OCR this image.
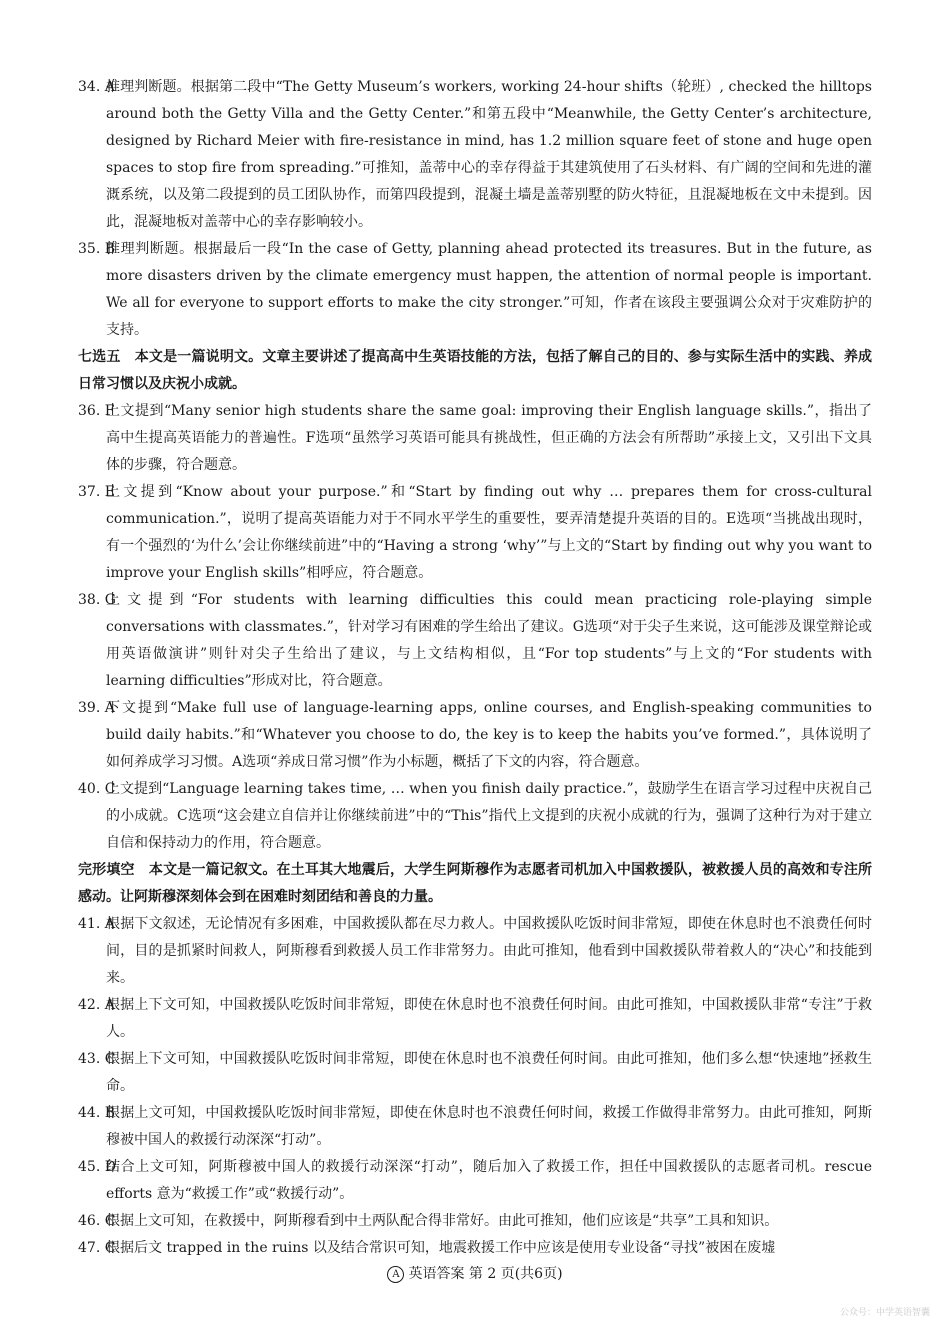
34. A
推理判断题。根据第二段中“The Getty Museum’s workers, working 24-hour shifts（轮班）, checked the hilltops around both the Getty Villa and the Getty Center.”和第五段中“Meanwhile, the Getty Center’s architecture, designed by Richard Meier with fire-resistance in mind, has 1.2 million square feet of stone and huge open spaces to stop fire from spreading.”可推知，盖蒂中心的幸存得益于其建筑使用了石头材料、有广阔的空间和先进的灌溉系统，以及第二段提到的员工团队协作，而第四段提到，混凝土墙是盖蒂别墅的防火特征，且混凝地板在文中未提到。因此，混凝地板对盖蒂中心的幸存影响较小。
35. B
推理判断题。根据最后一段“In the case of Getty, planning ahead protected its treasures. But in the future, as more disasters driven by the climate emergency must happen, the attention of normal people is important. We all for everyone to support efforts to make the city stronger.”可知，作者在该段主要强调公众对于灾难防护的支持。
七选五　本文是一篇说明文。文章主要讲述了提高高中生英语技能的方法，包括了解自己的目的、参与实际生活中的实践、养成日常习惯以及庆祝小成就。
36. F
上文提到“Many senior high students share the same goal: improving their English language skills.”，指出了高中生提高英语能力的普遍性。F选项“虽然学习英语可能具有挑战性，但正确的方法会有所帮助”承接上文，又引出下文具体的步骤，符合题意。
37. E
上文提到“Know about your purpose.”和“Start by finding out why … prepares them for cross-cultural communication.”，说明了提高英语能力对于不同水平学生的重要性，要弄清楚提升英语的目的。E选项“当挑战出现时，有一个强烈的‘为什么’会让你继续前进”中的“Having a strong ‘why’”与上文的“Start by finding out why you want to improve your English skills”相呼应，符合题意。
38. G
上文提到“For students with learning difficulties this could mean practicing role-playing simple conversations with classmates.”，针对学习有困难的学生给出了建议。G选项“对于尖子生来说，这可能涉及课堂辩论或用英语做演讲”则针对尖子生给出了建议，与上文结构相似，且“For top students”与上文的“For students with learning difficulties”形成对比，符合题意。
39. A
下文提到“Make full use of language-learning apps, online courses, and English-speaking communities to build daily habits.”和“Whatever you choose to do, the key is to keep the habits you’ve formed.”，具体说明了如何养成学习习惯。A选项“养成日常习惯”作为小标题，概括了下文的内容，符合题意。
40. C
上文提到“Language learning takes time, … when you finish daily practice.”，鼓励学生在语言学习过程中庆祝自己的小成就。C选项“这会建立自信并让你继续前进”中的“This”指代上文提到的庆祝小成就的行为，强调了这种行为对于建立自信和保持动力的作用，符合题意。
完形填空　本文是一篇记叙文。在土耳其大地震后，大学生阿斯穆作为志愿者司机加入中国救援队，被救援人员的高效和专注所感动。让阿斯穆深刻体会到在困难时刻团结和善良的力量。
41. A
根据下文叙述，无论情况有多困难，中国救援队都在尽力救人。中国救援队吃饭时间非常短，即使在休息时也不浪费任何时间，目的是抓紧时间救人，阿斯穆看到救援人员工作非常努力。由此可推知，他看到中国救援队带着救人的“决心”和技能到来。
42. A
根据上下文可知，中国救援队吃饭时间非常短，即使在休息时也不浪费任何时间。由此可推知，中国救援队非常“专注”于救人。
43. C
根据上下文可知，中国救援队吃饭时间非常短，即使在休息时也不浪费任何时间。由此可推知，他们多么想“快速地”拯救生命。
44. B
根据上文可知，中国救援队吃饭时间非常短，即使在休息时也不浪费任何时间，救援工作做得非常努力。由此可推知，阿斯穆被中国人的救援行动深深“打动”。
45. D
结合上文可知，阿斯穆被中国人的救援行动深深“打动”，随后加入了救援工作，担任中国救援队的志愿者司机。rescue efforts 意为“救援工作”或“救援行动”。
46. C
根据上文可知，在救援中，阿斯穆看到中土两队配合得非常好。由此可推知，他们应该是“共享”工具和知识。
47. C
根据后文 trapped in the ruins 以及结合常识可知，地震救援工作中应该是使用专业设备“寻找”被困在废墟
A 英语答案 第 2 页(共6页)
公众号：中学英语智囊
